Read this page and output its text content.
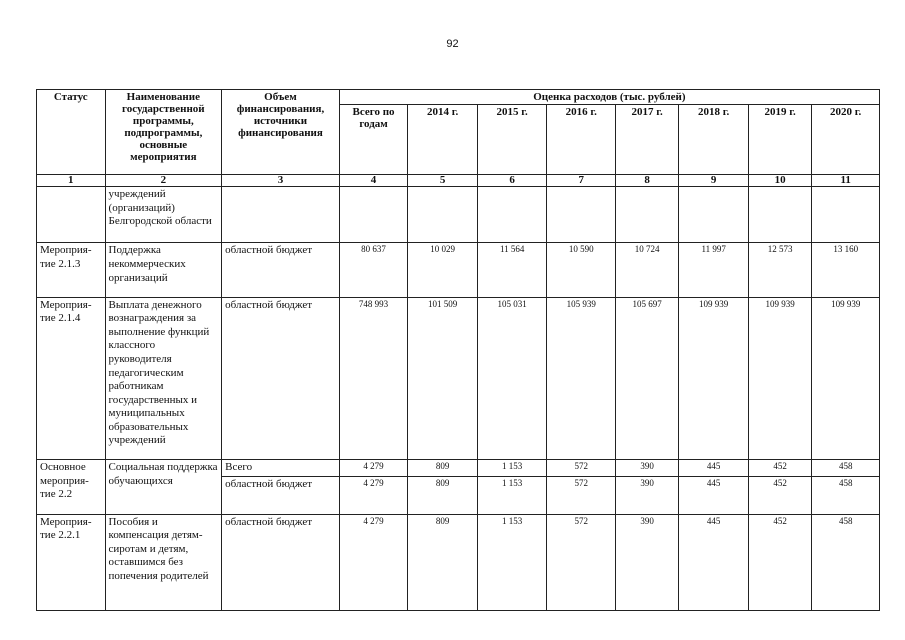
92
Статус	Наименование государственной программы, подпрограммы, основные мероприятия	Объем финансирования, источники финансирования	Оценка расходов (тыс. рублей)							
			Всего по годам	2014 г.	2015 г.	2016 г.	2017 г.	2018 г.	2019 г.	2020 г.
1	2	3	4	5	6	7	8	9	10	11
	учреждений (организаций) Белгородской области									
Мероприя-тие 2.1.3	Поддержка некоммерческих организаций	областной бюджет	80 637	10 029	11 564	10 590	10 724	11 997	12 573	13 160
Мероприя-тие 2.1.4	Выплата денежного вознаграждения за выполнение функций классного руководителя педагогическим работникам государственных и муниципальных образовательных учреждений	областной бюджет	748 993	101 509	105 031	105 939	105 697	109 939	109 939	109 939
Основное мероприя-тие 2.2	Социальная поддержка обучающихся	Всего	4 279	809	1 153	572	390	445	452	458
		областной бюджет	4 279	809	1 153	572	390	445	452	458
Мероприя-тие 2.2.1	Пособия и компенсация детям-сиротам и детям, оставшимся без попечения родителей	областной бюджет	4 279	809	1 153	572	390	445	452	458
